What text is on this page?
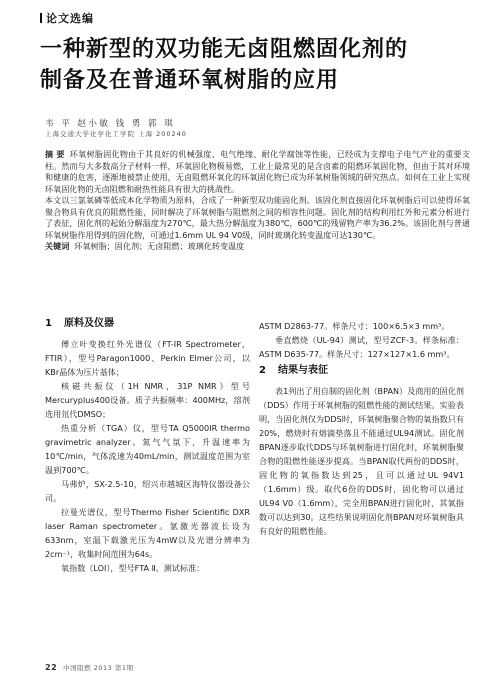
论文选编
一种新型的双功能无卤阻燃固化剂的
制备及在普通环氧树脂的应用
韦 平 赵小敏 钱 勇 郭 琪
上海交通大学化学化工学院 上海 200240

摘 要 环氧树脂固化物由于其良好的机械强度、电气绝缘、耐化学腐蚀等性能，已经成为支撑电子电气产业的重要支柱。然而与大多数高分子材料一样，环氧固化物极易燃，工业上最常见的是含卤素的阻燃环氧固化物，但由于其对环境和健康的危害，逐渐地被禁止使用，无卤阻燃环氧化的环氧固化物已成为环氧树脂领域的研究热点。如何在工业上实现环氧固化物的无卤阻燃和耐热性能具有很大的挑战性。

本文以三氯氧磷等低成本化学物质为原料，合成了一种新型双功能固化剂。该固化剂直接固化环氧树脂后可以使得环氧聚合物具有优良的阻燃性能，同时解决了环氧树脂与阻燃剂之间的相容性问题。固化剂的结构利用红外和元素分析进行了表征，固化剂的起始分解温度为270℃，最大热分解温度为380℃，600℃的残留物产率为36.2%。该固化剂与普通环氧树脂作用得到的固化物，可通过1.6mm UL 94 V0级，同时玻璃化转变温度可达130℃。

关键词 环氧树脂；固化剂；无卤阻燃；玻璃化转变温度

1 原料及仪器

傅立叶变换红外光谱仪（FT-IR Spectrometer，FTIR），型号Paragon1000、Perkin Elmer公司，以KBr晶体为压片基体；

核磁共振仪（1H NMR，31P NMR）型号Mercuryplus400设备。质子共振频率：400MHz，溶剂选用氘代DMSO；

热重分析（TGA）仪，型号TA Q5000IR thermo gravimetric analyzer。氮气气氛下，升温速率为10℃/min，气体流速为40mL/min，测试温度范围为室温到700℃。

马弗炉，SX-2.5-10，绍兴市越城区海特仪器设备公司。

拉曼光谱仪，型号Thermo Fisher Scientific DXR laser Raman spectrometer。氩激光器波长设为633nm，室温下载激光压为4mW以及光谱分辨率为2cm⁻¹，收集时间范围为64s。

氧指数（LOI），型号FTA Ⅱ。测试标准：

ASTM D2863-77。样条尺寸：100×6.5×3 mm³。

垂直燃烧（UL-94）测试，型号ZCF-3。样条标准：ASTM D635-77。样条尺寸：127×127×1.6 mm³。

2 结果与表征

表1列出了用自制的固化剂（BPAN）及商用的固化剂（DDS）作用于环氧树脂的阻燃性能的测试结果。实验表明，当固化剂仅为DDS时，环氧树脂聚合物的氧指数只有20%，燃烧时有熔滴垫落且不能通过UL94测试。固化剂BPAN逐步取代DDS与环氧树脂进行固化时，环氧树脂聚合物的阻燃性能逐步提高。当BPAN取代两份的DDS时，固化物的氧指数达到25，且可以通过UL 94V1（1.6mm）级。取代6份的DDS时，固化物可以通过UL94 V0（1.6mm），完全用BPAN进行固化时，其氧指数可以达到30。这些结果说明固化剂BPAN对环氧树脂具有良好的阻燃性能。

22 中国阻燃 2013 第1期
